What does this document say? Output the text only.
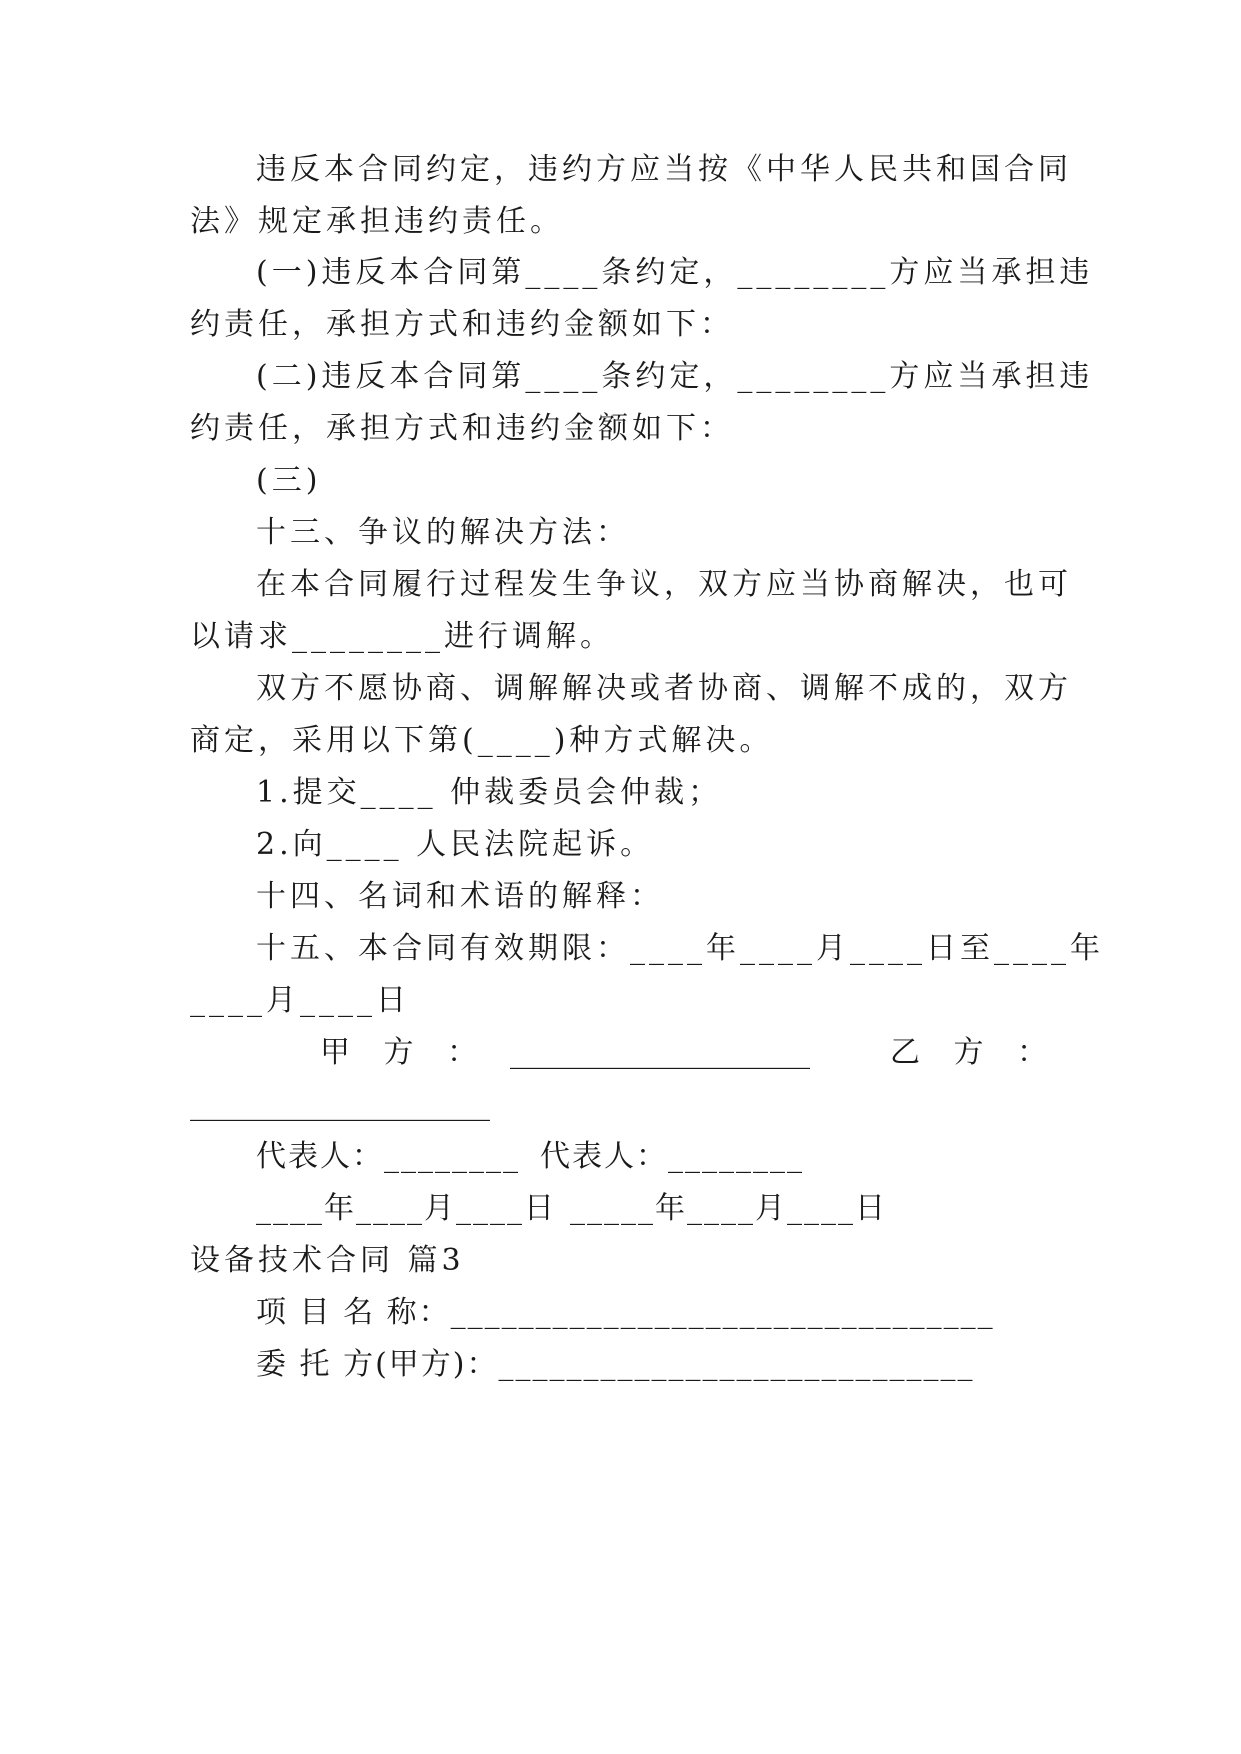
违反本合同约定，违约方应当按《中华人民共和国合同
法》规定承担违约责任。
(一)违反本合同第____条约定，________方应当承担违
约责任，承担方式和违约金额如下：
(二)违反本合同第____条约定，________方应当承担违
约责任，承担方式和违约金额如下：
(三)
十三、争议的解决方法：
在本合同履行过程发生争议，双方应当协商解决，也可
以请求________进行调解。
双方不愿协商、调解解决或者协商、调解不成的，双方
商定，采用以下第(____)种方式解决。
1.提交____ 仲裁委员会仲裁；
2.向____ 人民法院起诉。
十四、名词和术语的解释：
十五、本合同有效期限：____年____月____日至____年
____月____日
甲 方 ： ____________________	乙 方 ：
____________________
代表人：________ 代表人：________
____年____月____日 _____年____月____日
设备技术合同 篇3
项 目 名 称：________________________________
委 托 方(甲方)：____________________________
